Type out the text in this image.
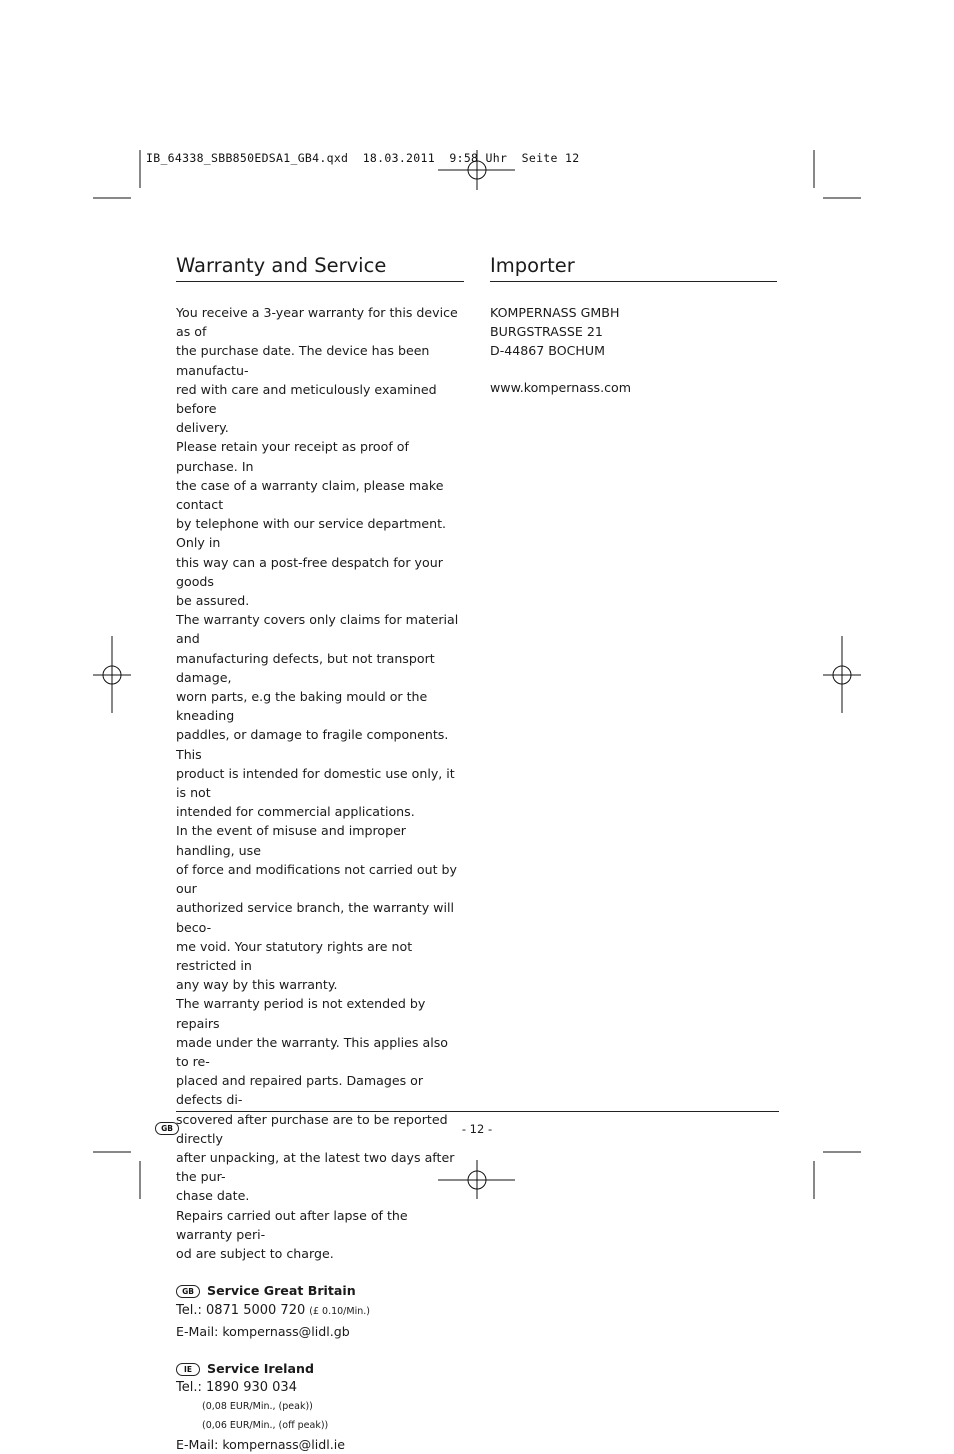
IB_64338_SBB850EDSA1_GB4.qxd  18.03.2011  9:58 Uhr  Seite 12
Warranty and Service

You receive a 3-year warranty for this device as of

the purchase date. The device has been manufactu-

red with care and meticulously examined before

delivery.

Please retain your receipt as proof of purchase. In

the case of a warranty claim, please make contact

by telephone with our service department. Only in

this way can a post-free despatch for your goods

be assured.

The warranty covers only claims for material and

manufacturing defects, but not transport damage,

worn parts, e.g the baking mould or the kneading

paddles, or damage to fragile components. This

product is intended for domestic use only, it is not

intended for commercial applications.

In the event of misuse and improper handling, use

of force and modifications not carried out by our

authorized service branch, the warranty will beco-

me void. Your statutory rights are not restricted in

any way by this warranty.

The warranty period is not extended by repairs

made under the warranty. This applies also to re-

placed and repaired parts. Damages or defects di-

scovered after purchase are to be reported directly

after unpacking, at the latest two days after the pur-

chase date.

Repairs carried out after lapse of the warranty peri-

od are subject to charge.

GB Service Great Britain
Tel.: 0871 5000 720 (£ 0.10/Min.)
E-Mail: kompernass@lidl.gb
IE Service Ireland
Tel.: 1890 930 034
(0,08 EUR/Min., (peak))
(0,06 EUR/Min., (off peak))
E-Mail: kompernass@lidl.ie
Importer

KOMPERNASS GMBH

BURGSTRASSE 21

D-44867 BOCHUM

www.kompernass.com
GB	- 12 -
